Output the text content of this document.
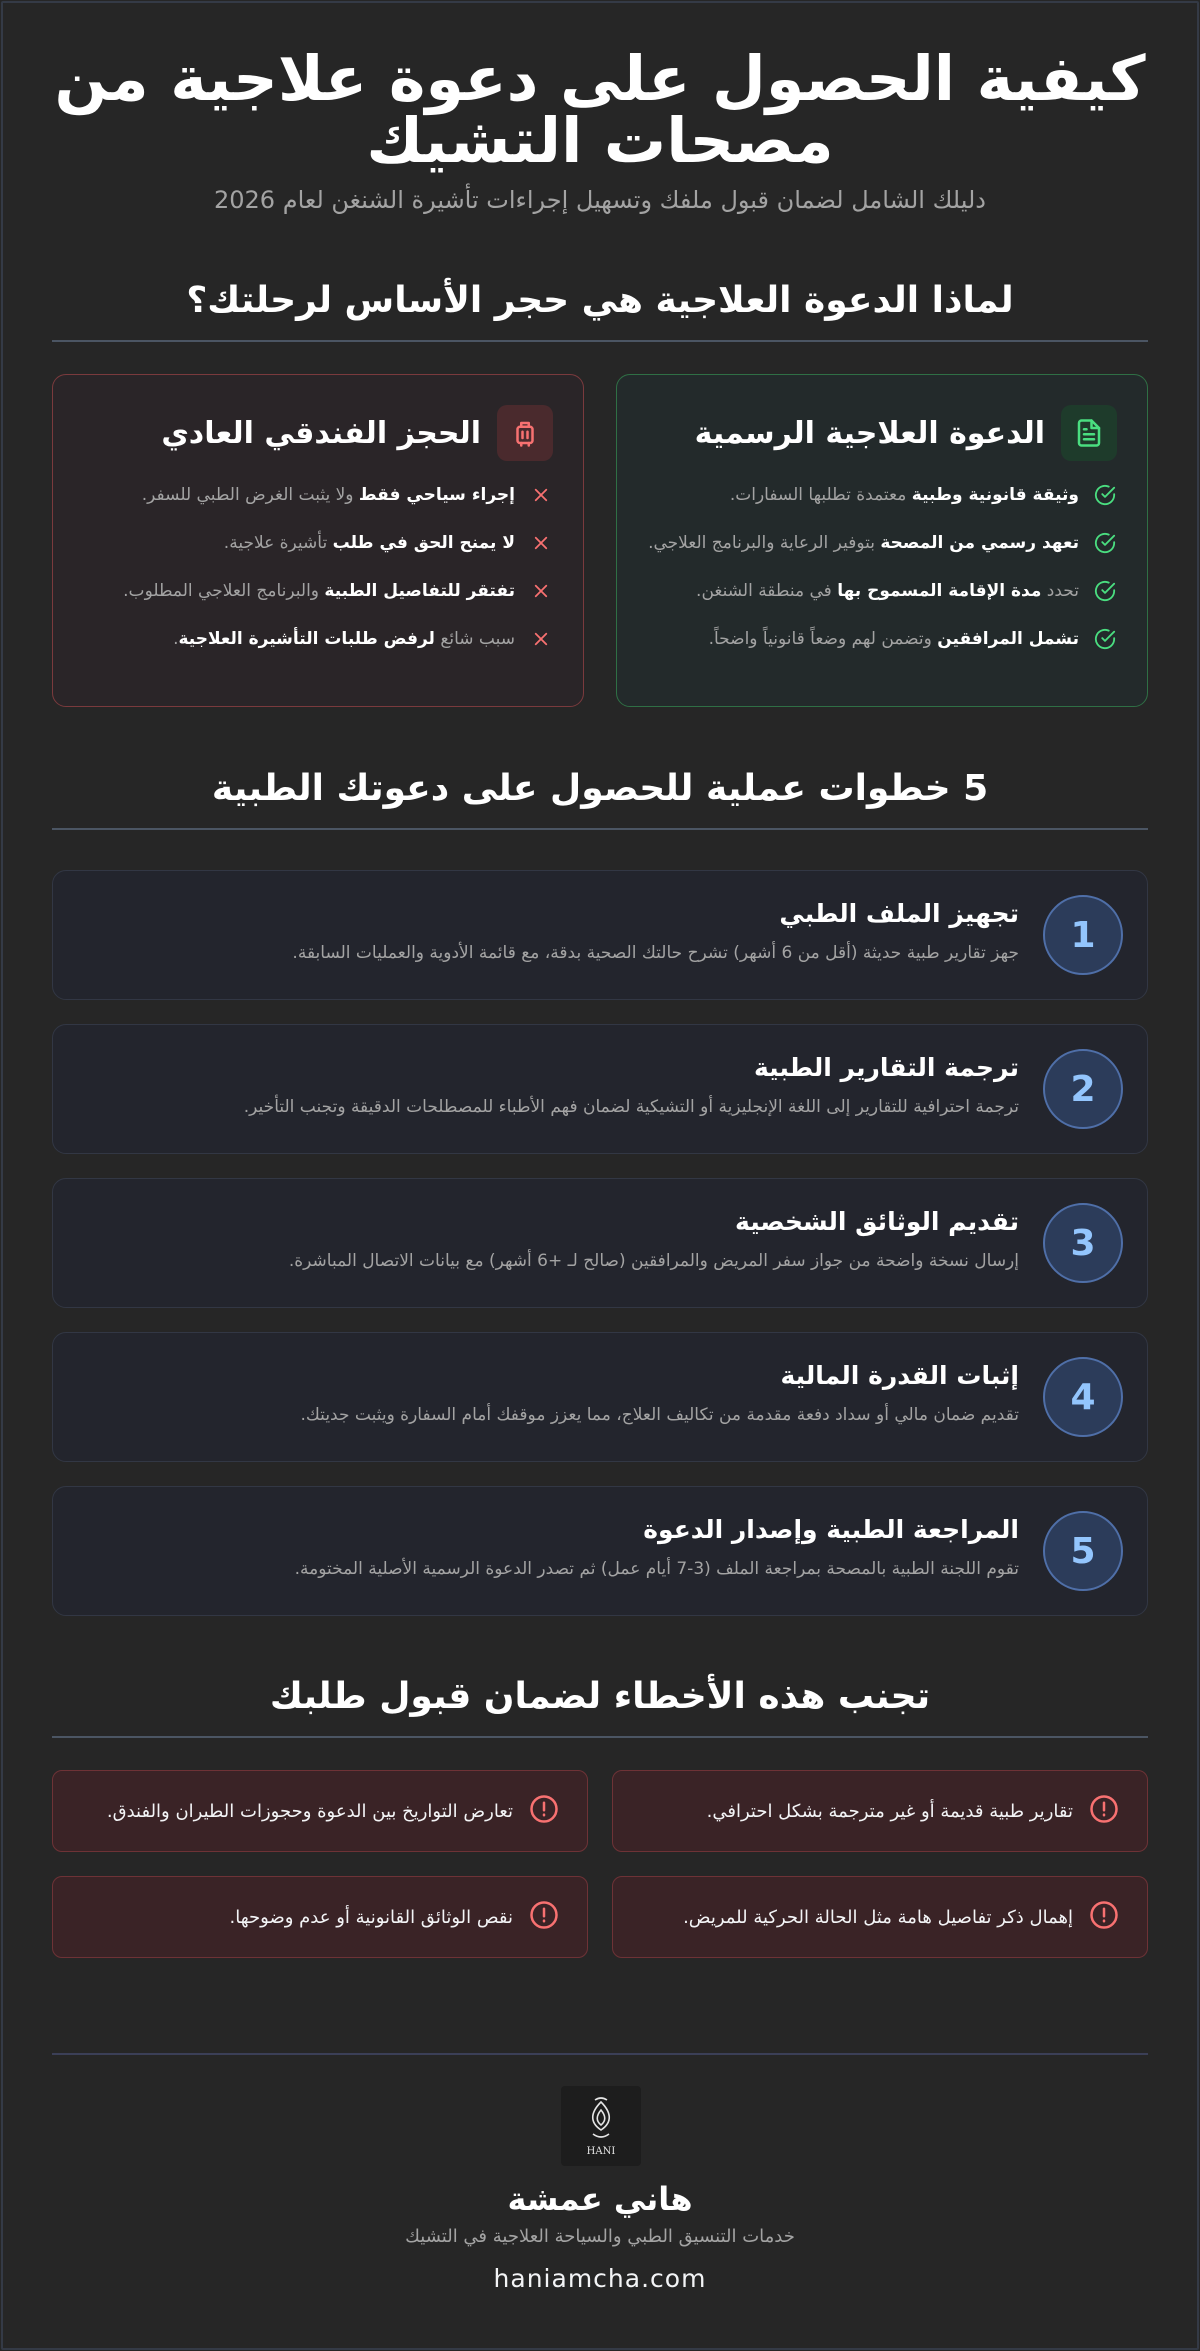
كيفية الحصول على دعوة علاجية من
مصحات التشيك
دليلك الشامل لضمان قبول ملفك وتسهيل إجراءات تأشيرة الشنغن لعام 2026
لماذا الدعوة العلاجية هي حجر الأساس لرحلتك؟
الدعوة العلاجية الرسمية
وثيقة قانونية وطبية معتمدة تطلبها السفارات.
تعهد رسمي من المصحة بتوفير الرعاية والبرنامج العلاجي.
تحدد مدة الإقامة المسموح بها في منطقة الشنغن.
تشمل المرافقين وتضمن لهم وضعاً قانونياً واضحاً.
الحجز الفندقي العادي
إجراء سياحي فقط ولا يثبت الغرض الطبي للسفر.
لا يمنح الحق في طلب تأشيرة علاجية.
تفتقر للتفاصيل الطبية والبرنامج العلاجي المطلوب.
سبب شائع لرفض طلبات التأشيرة العلاجية.
5 خطوات عملية للحصول على دعوتك الطبية
1
تجهيز الملف الطبي
جهز تقارير طبية حديثة (أقل من 6 أشهر) تشرح حالتك الصحية بدقة، مع قائمة الأدوية والعمليات السابقة.
2
ترجمة التقارير الطبية
ترجمة احترافية للتقارير إلى اللغة الإنجليزية أو التشيكية لضمان فهم الأطباء للمصطلحات الدقيقة وتجنب التأخير.
3
تقديم الوثائق الشخصية
إرسال نسخة واضحة من جواز سفر المريض والمرافقين (صالح لـ +6 أشهر) مع بيانات الاتصال المباشرة.
4
إثبات القدرة المالية
تقديم ضمان مالي أو سداد دفعة مقدمة من تكاليف العلاج، مما يعزز موقفك أمام السفارة ويثبت جديتك.
5
المراجعة الطبية وإصدار الدعوة
تقوم اللجنة الطبية بالمصحة بمراجعة الملف (3-7 أيام عمل) ثم تصدر الدعوة الرسمية الأصلية المختومة.
تجنب هذه الأخطاء لضمان قبول طلبك
تقارير طبية قديمة أو غير مترجمة بشكل احترافي.
تعارض التواريخ بين الدعوة وحجوزات الطيران والفندق.
إهمال ذكر تفاصيل هامة مثل الحالة الحركية للمريض.
نقص الوثائق القانونية أو عدم وضوحها.
HANI
هاني عمشة
خدمات التنسيق الطبي والسياحة العلاجية في التشيك
haniamcha.com
